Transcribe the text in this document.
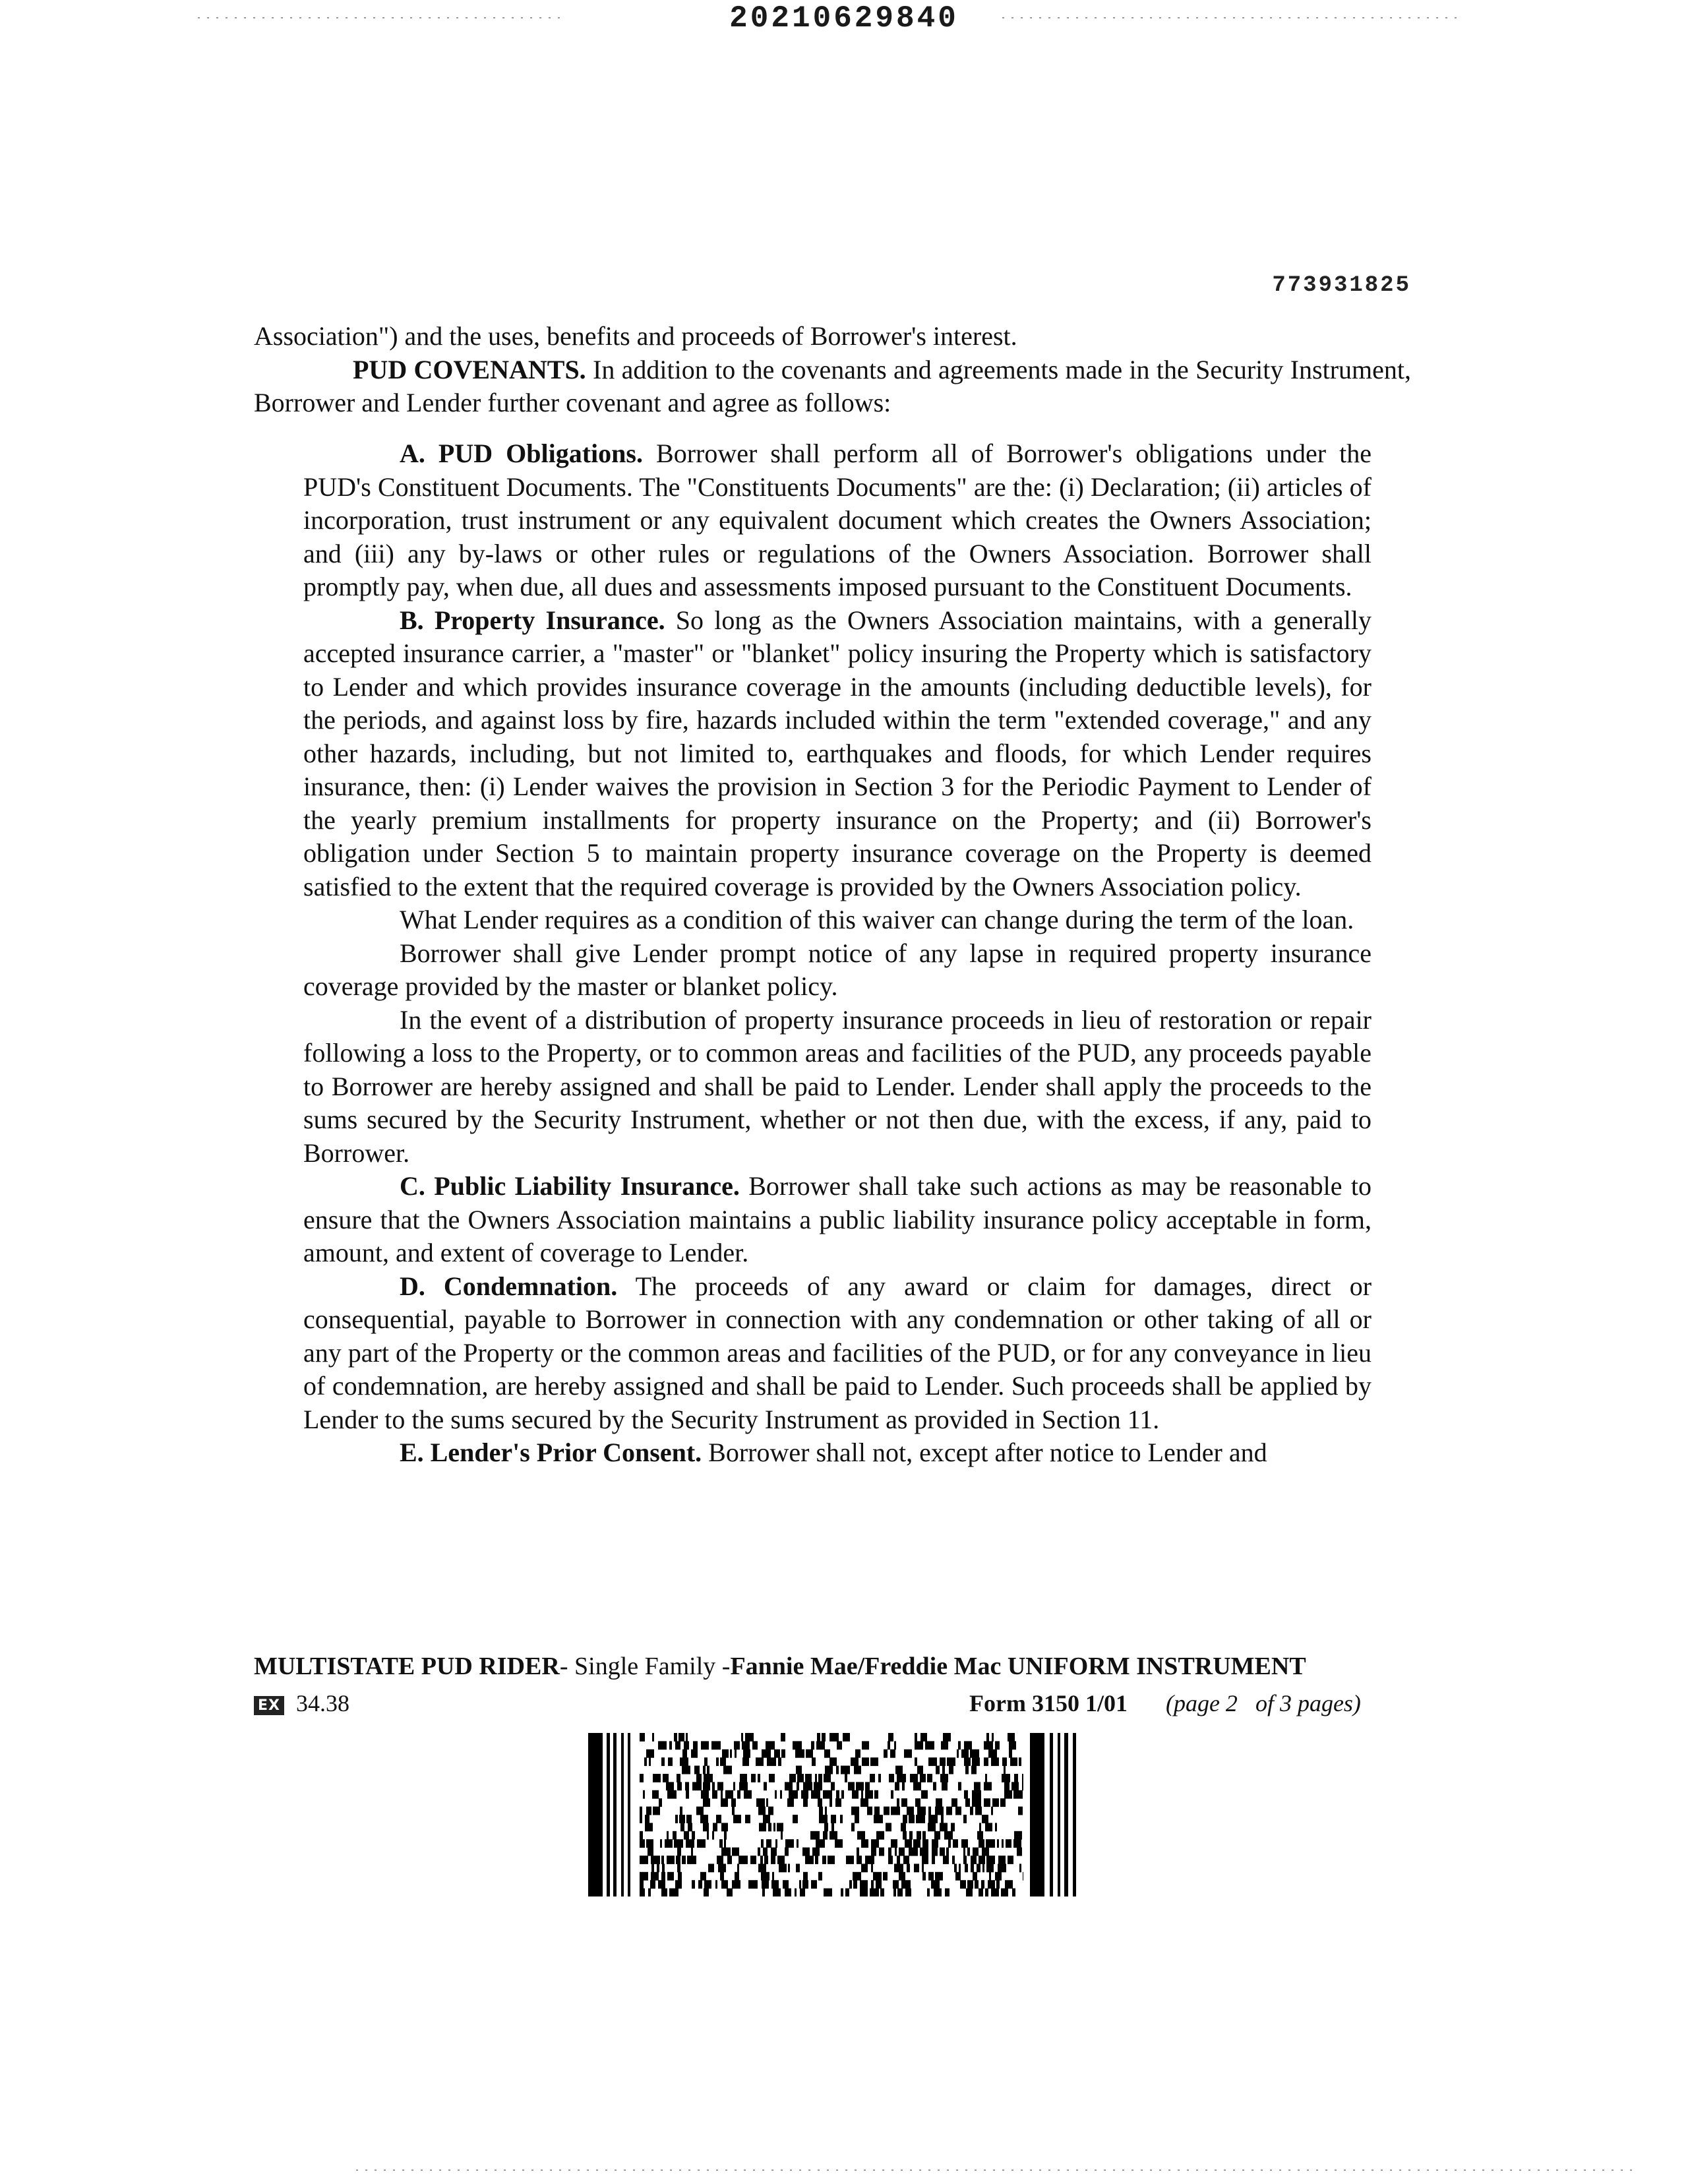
20210629840
773931825

Association") and the uses, benefits and proceeds of Borrower's interest.

PUD COVENANTS. In addition to the covenants and agreements made in the Security Instrument, Borrower and Lender further covenant and agree as follows:

A. PUD Obligations. Borrower shall perform all of Borrower's obligations under the PUD's Constituent Documents. The "Constituents Documents" are the: (i) Declaration; (ii) articles of incorporation, trust instrument or any equivalent document which creates the Owners Association; and (iii) any by-laws or other rules or regulations of the Owners Association. Borrower shall promptly pay, when due, all dues and assessments imposed pursuant to the Constituent Documents.

B. Property Insurance. So long as the Owners Association maintains, with a generally accepted insurance carrier, a "master" or "blanket" policy insuring the Property which is satisfactory to Lender and which provides insurance coverage in the amounts (including deductible levels), for the periods, and against loss by fire, hazards included within the term "extended coverage," and any other hazards, including, but not limited to, earthquakes and floods, for which Lender requires insurance, then: (i) Lender waives the provision in Section 3 for the Periodic Payment to Lender of the yearly premium installments for property insurance on the Property; and (ii) Borrower's obligation under Section 5 to maintain property insurance coverage on the Property is deemed satisfied to the extent that the required coverage is provided by the Owners Association policy.

What Lender requires as a condition of this waiver can change during the term of the loan.

Borrower shall give Lender prompt notice of any lapse in required property insurance coverage provided by the master or blanket policy.

In the event of a distribution of property insurance proceeds in lieu of restoration or repair following a loss to the Property, or to common areas and facilities of the PUD, any proceeds payable to Borrower are hereby assigned and shall be paid to Lender. Lender shall apply the proceeds to the sums secured by the Security Instrument, whether or not then due, with the excess, if any, paid to Borrower.

C. Public Liability Insurance. Borrower shall take such actions as may be reasonable to ensure that the Owners Association maintains a public liability insurance policy acceptable in form, amount, and extent of coverage to Lender.

D. Condemnation. The proceeds of any award or claim for damages, direct or consequential, payable to Borrower in connection with any condemnation or other taking of all or any part of the Property or the common areas and facilities of the PUD, or for any conveyance in lieu of condemnation, are hereby assigned and shall be paid to Lender. Such proceeds shall be applied by Lender to the sums secured by the Security Instrument as provided in Section 11.

E. Lender's Prior Consent. Borrower shall not, except after notice to Lender and

MULTISTATE PUD RIDER- Single Family -Fannie Mae/Freddie Mac UNIFORM INSTRUMENT
EX 34.38	Form 3150 1/01 (page 2 of 3 pages)
